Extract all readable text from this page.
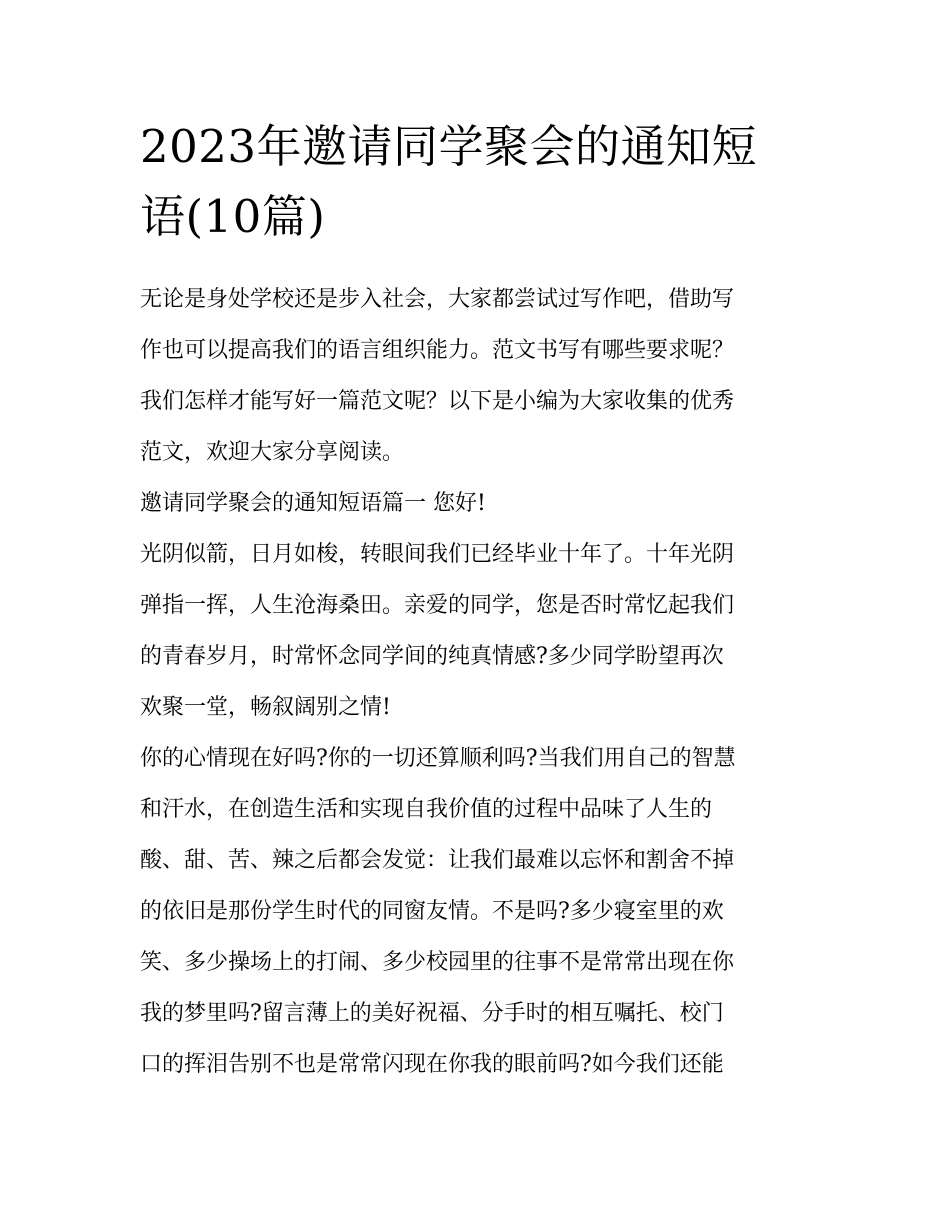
2023年邀请同学聚会的通知短
语(10篇)
无论是身处学校还是步入社会，大家都尝试过写作吧，借助写
作也可以提高我们的语言组织能力。范文书写有哪些要求呢？
我们怎样才能写好一篇范文呢？以下是小编为大家收集的优秀
范文，欢迎大家分享阅读。
邀请同学聚会的通知短语篇一 您好!
光阴似箭，日月如梭，转眼间我们已经毕业十年了。十年光阴
弹指一挥，人生沧海桑田。亲爱的同学，您是否时常忆起我们
的青春岁月，时常怀念同学间的纯真情感?多少同学盼望再次
欢聚一堂，畅叙阔别之情!
你的心情现在好吗?你的一切还算顺利吗?当我们用自己的智慧
和汗水，在创造生活和实现自我价值的过程中品味了人生的
酸、甜、苦、辣之后都会发觉：让我们最难以忘怀和割舍不掉
的依旧是那份学生时代的同窗友情。不是吗?多少寝室里的欢
笑、多少操场上的打闹、多少校园里的往事不是常常出现在你
我的梦里吗?留言薄上的美好祝福、分手时的相互嘱托、校门
口的挥泪告别不也是常常闪现在你我的眼前吗?如今我们还能
